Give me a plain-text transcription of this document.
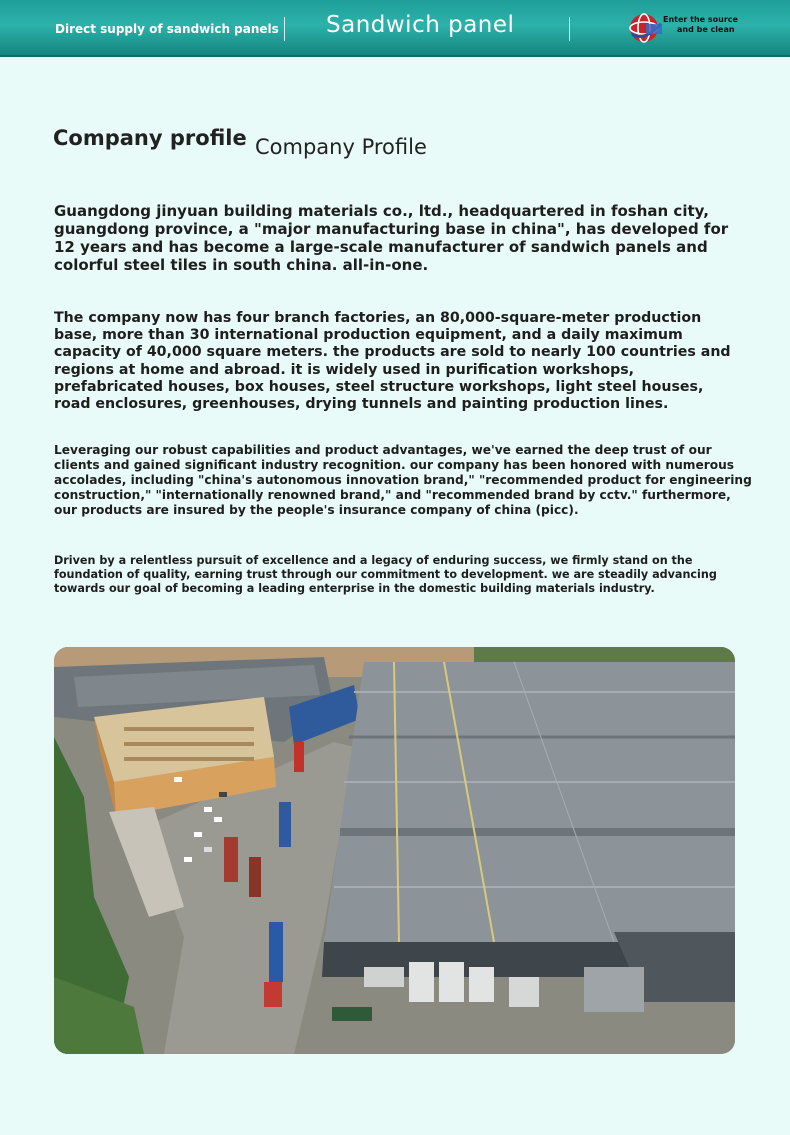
Direct supply of sandwich panels Sandwich panel	Enter the source
and be clean
Company profile Company Profile

Guangdong jinyuan building materials co., ltd., headquartered in foshan city, guangdong province, a "major manufacturing base in china", has developed for 12 years and has become a large-scale manufacturer of sandwich panels and colorful steel tiles in south china. all-in-one.

The company now has four branch factories, an 80,000-square-meter production base, more than 30 international production equipment, and a daily maximum capacity of 40,000 square meters. the products are sold to nearly 100 countries and regions at home and abroad. it is widely used in purification workshops, prefabricated houses, box houses, steel structure workshops, light steel houses, road enclosures, greenhouses, drying tunnels and painting production lines.

Leveraging our robust capabilities and product advantages, we've earned the deep trust of our clients and gained significant industry recognition. our company has been honored with numerous accolades, including "china's autonomous innovation brand," "recommended product for engineering construction," "internationally renowned brand," and "recommended brand by cctv." furthermore, our products are insured by the people's insurance company of china (picc).

Driven by a relentless pursuit of excellence and a legacy of enduring success, we firmly stand on the foundation of quality, earning trust through our commitment to development. we are steadily advancing towards our goal of becoming a leading enterprise in the domestic building materials industry.
